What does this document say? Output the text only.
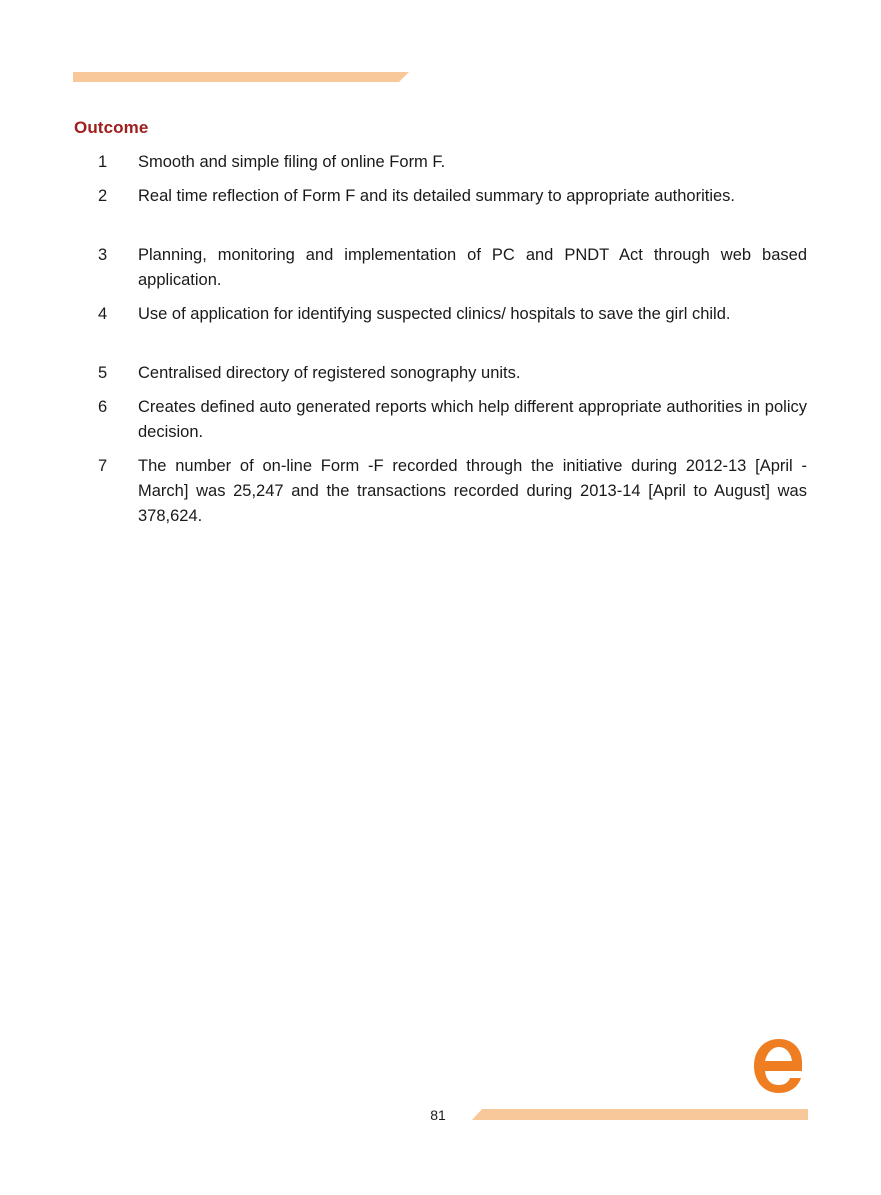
Outcome
1 Smooth and simple filing of online Form F.
2 Real time reflection of Form F and its detailed summary to appropriate authorities.
3 Planning, monitoring and implementation of PC and PNDT Act through web based application.
4 Use of application for identifying suspected clinics/ hospitals to save the girl child.
5 Centralised directory of registered sonography units.
6 Creates defined auto generated reports which help different appropriate authorities in policy decision.
7 The number of on-line Form -F recorded through the initiative during 2012-13 [April - March] was 25,247 and the transactions recorded during 2013-14 [April to August] was 378,624.
81
